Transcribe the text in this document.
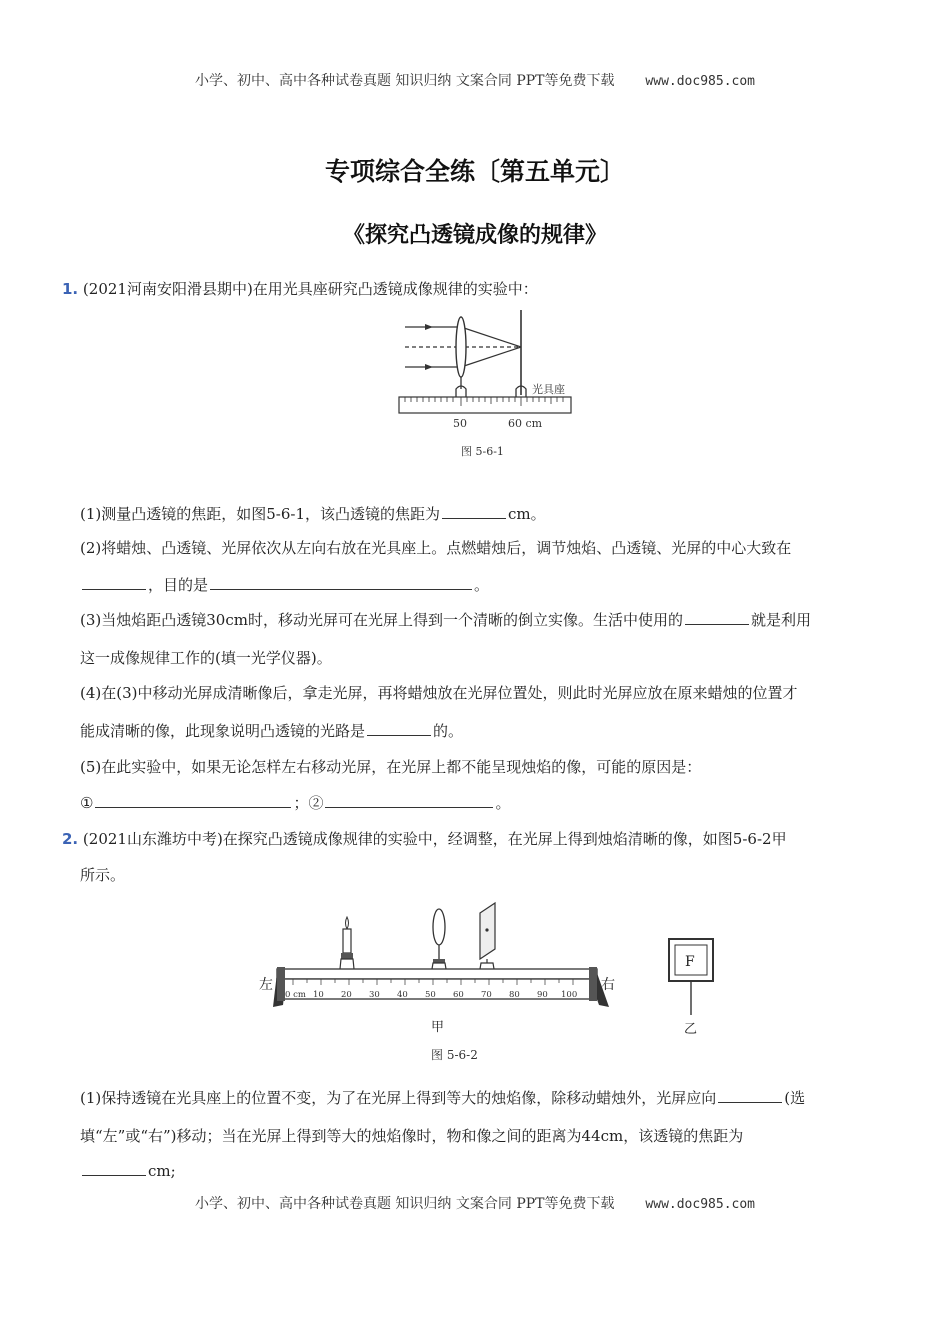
小学、初中、高中各种试卷真题 知识归纳 文案合同 PPT等免费下载 www.doc985.com
专项综合全练〔第五单元〕
《探究凸透镜成像的规律》

1. (2021河南安阳滑县期中)在用光具座研究凸透镜成像规律的实验中：

光具座
50	60 cm
图 5-6-1

(1)测量凸透镜的焦距，如图5-6-1，该凸透镜的焦距为	cm。

(2)将蜡烛、凸透镜、光屏依次从左向右放在光具座上。点燃蜡烛后，调节烛焰、凸透镜、光屏的中心大致在

，目的是	。

(3)当烛焰距凸透镜30cm时，移动光屏可在光屏上得到一个清晰的倒立实像。生活中使用的	就是利用

这一成像规律工作的(填一光学仪器)。

(4)在(3)中移动光屏成清晰像后，拿走光屏，再将蜡烛放在光屏位置处，则此时光屏应放在原来蜡烛的位置才

能成清晰的像，此现象说明凸透镜的光路是	的。

(5)在此实验中，如果无论怎样左右移动光屏，在光屏上都不能呈现烛焰的像，可能的原因是：

①	；②	。

2. (2021山东潍坊中考)在探究凸透镜成像规律的实验中，经调整，在光屏上得到烛焰清晰的像，如图5-6-2甲

所示。

0 cm 10 20 30 40 50 60 70 80 90 100
左	右
甲
图 5-6-2
F
乙

(1)保持透镜在光具座上的位置不变，为了在光屏上得到等大的烛焰像，除移动蜡烛外，光屏应向	(选

填“左”或“右”)移动；当在光屏上得到等大的烛焰像时，物和像之间的距离为44cm，该透镜的焦距为

cm;

小学、初中、高中各种试卷真题 知识归纳 文案合同 PPT等免费下载 www.doc985.com
